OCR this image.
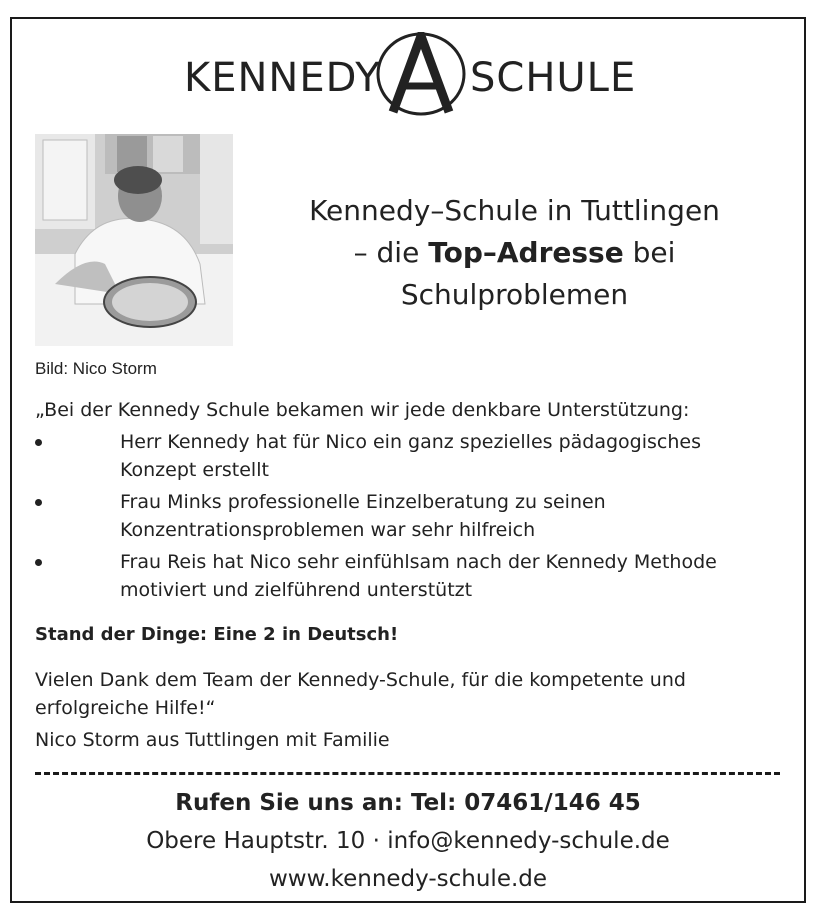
KENNEDY SCHULE
Kennedy–Schule in Tuttlingen
– die Top–Adresse bei
Schulproblemen
Bild: Nico Storm
„Bei der Kennedy Schule bekamen wir jede denkbare Unterstützung:
Herr Kennedy hat für Nico ein ganz spezielles pädagogisches
Konzept erstellt
Frau Minks professionelle Einzelberatung zu seinen
Konzentrationsproblemen war sehr hilfreich
Frau Reis hat Nico sehr einfühlsam nach der Kennedy Methode
motiviert und zielführend unterstützt
Stand der Dinge: Eine 2 in Deutsch!
Vielen Dank dem Team der Kennedy-Schule, für die kompetente und
erfolgreiche Hilfe!“
Nico Storm aus Tuttlingen mit Familie
Rufen Sie uns an: Tel: 07461/146 45
Obere Hauptstr. 10 · info@kennedy-schule.de
www.kennedy-schule.de
